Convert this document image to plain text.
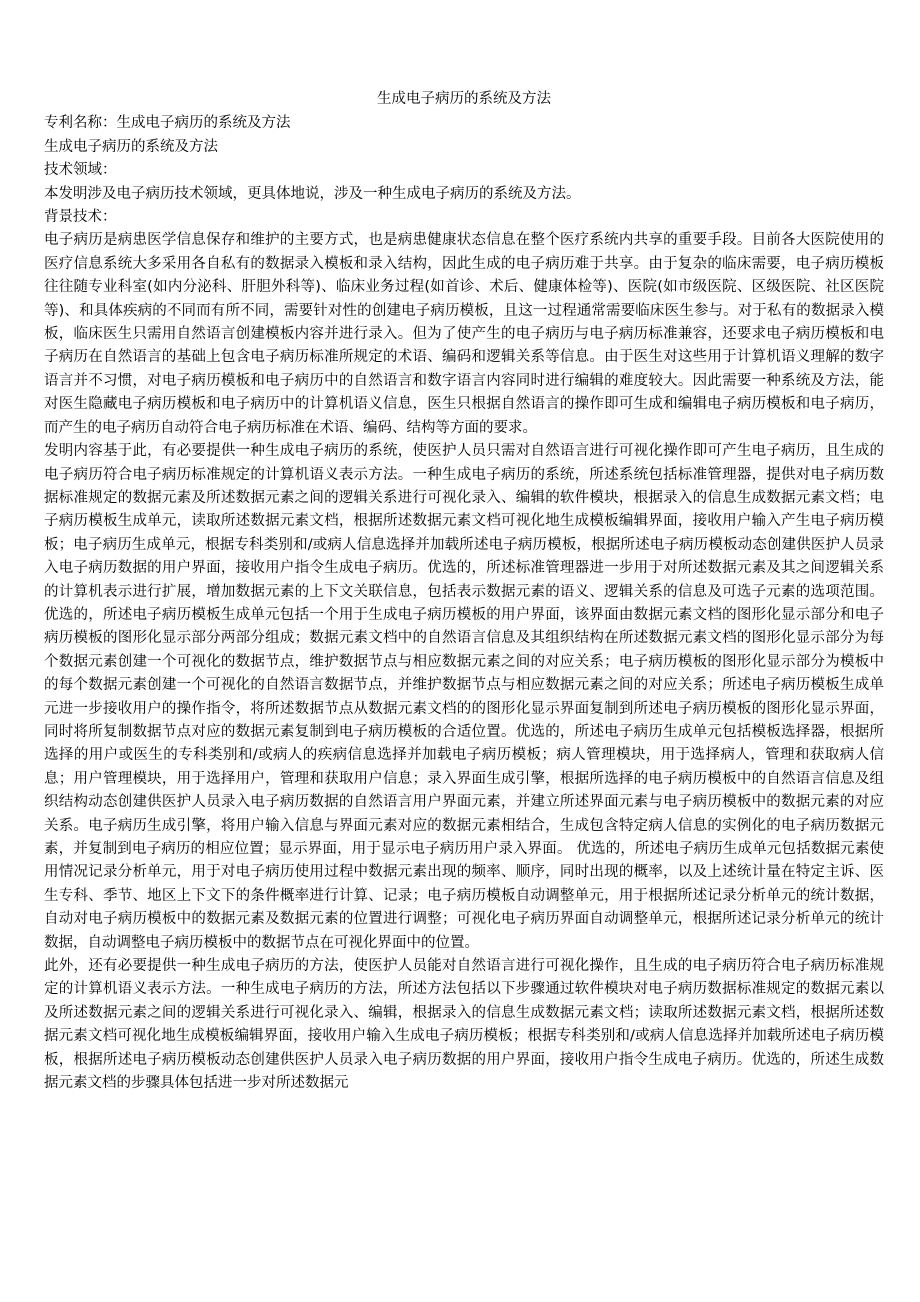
生成电子病历的系统及方法
专利名称：生成电子病历的系统及方法
生成电子病历的系统及方法
技术领域：
本发明涉及电子病历技术领域，更具体地说，涉及一种生成电子病历的系统及方法。
背景技术：
电子病历是病患医学信息保存和维护的主要方式，也是病患健康状态信息在整个医疗系统内共享的重要手段。目前各大医院使用的医疗信息系统大多采用各自私有的数据录入模板和录入结构，因此生成的电子病历难于共享。由于复杂的临床需要，电子病历模板往往随专业科室(如内分泌科、肝胆外科等)、临床业务过程(如首诊、术后、健康体检等)、医院(如市级医院、区级医院、社区医院 等)、和具体疾病的不同而有所不同，需要针对性的创建电子病历模板，且这一过程通常需要临床医生参与。对于私有的数据录入模板，临床医生只需用自然语言创建模板内容并进行录入。但为了使产生的电子病历与电子病历标准兼容，还要求电子病历模板和电子病历在自然语言的基础上包含电子病历标准所规定的术语、编码和逻辑关系等信息。由于医生对这些用于计算机语义理解的数字语言并不习惯，对电子病历模板和电子病历中的自然语言和数字语言内容同时进行编辑的难度较大。因此需要一种系统及方法，能对医生隐藏电子病历模板和电子病历中的计算机语义信息，医生只根据自然语言的操作即可生成和编辑电子病历模板和电子病历，而产生的电子病历自动符合电子病历标准在术语、编码、结构等方面的要求。
发明内容基于此，有必要提供一种生成电子病历的系统，使医护人员只需对自然语言进行可视化操作即可产生电子病历，且生成的电子病历符合电子病历标准规定的计算机语义表示方法。一种生成电子病历的系统，所述系统包括标准管理器，提供对电子病历数据标准规定的数据元素及所述数据元素之间的逻辑关系进行可视化录入、编辑的软件模块，根据录入的信息生成数据元素文档；电子病历模板生成单元，读取所述数据元素文档，根据所述数据元素文档可视化地生成模板编辑界面，接收用户输入产生电子病历模板；电子病历生成单元，根据专科类别和/或病人信息选择并加载所述电子病历模板，根据所述电子病历模板动态创建供医护人员录入电子病历数据的用户界面，接收用户指令生成电子病历。优选的，所述标准管理器进一步用于对所述数据元素及其之间逻辑关系的计算机表示进行扩展，增加数据元素的上下文关联信息，包括表示数据元素的语义、逻辑关系的信息及可选子元素的选项范围。优选的，所述电子病历模板生成单元包括一个用于生成电子病历模板的用户界面，该界面由数据元素文档的图形化显示部分和电子病历模板的图形化显示部分两部分组成；数据元素文档中的自然语言信息及其组织结构在所述数据元素文档的图形化显示部分为每个数据元素创建一个可视化的数据节点，维护数据节点与相应数据元素之间的对应关系；电子病历模板的图形化显示部分为模板中的每个数据元素创建一个可视化的自然语言数据节点，并维护数据节点与相应数据元素之间的对应关系；所述电子病历模板生成单元进一步接收用户的操作指令，将所述数据节点从数据元素文档的的图形化显示界面复制到所述电子病历模板的图形化显示界面，同时将所复制数据节点对应的数据元素复制到电子病历模板的合适位置。优选的，所述电子病历生成单元包括模板选择器，根据所选择的用户或医生的专科类别和/或病人的疾病信息选择并加载电子病历模板；病人管理模块，用于选择病人，管理和获取病人信息；用户管理模块，用于选择用户，管理和获取用户信息；录入界面生成引擎，根据所选择的电子病历模板中的自然语言信息及组织结构动态创建供医护人员录入电子病历数据的自然语言用户界面元素，并建立所述界面元素与电子病历模板中的数据元素的对应关系。电子病历生成引擎，将用户输入信息与界面元素对应的数据元素相结合，生成包含特定病人信息的实例化的电子病历数据元素，并复制到电子病历的相应位置；显示界面，用于显示电子病历用户录入界面。 优选的，所述电子病历生成单元包括数据元素使用情况记录分析单元，用于对电子病历使用过程中数据元素出现的频率、顺序，同时出现的概率，以及上述统计量在特定主诉、医生专科、季节、地区上下文下的条件概率进行计算、记录；电子病历模板自动调整单元，用于根据所述记录分析单元的统计数据，自动对电子病历模板中的数据元素及数据元素的位置进行调整；可视化电子病历界面自动调整单元，根据所述记录分析单元的统计数据，自动调整电子病历模板中的数据节点在可视化界面中的位置。
此外，还有必要提供一种生成电子病历的方法，使医护人员能对自然语言进行可视化操作，且生成的电子病历符合电子病历标准规定的计算机语义表示方法。一种生成电子病历的方法，所述方法包括以下步骤通过软件模块对电子病历数据标准规定的数据元素以及所述数据元素之间的逻辑关系进行可视化录入、编辑，根据录入的信息生成数据元素文档；读取所述数据元素文档，根据所述数据元素文档可视化地生成模板编辑界面，接收用户输入生成电子病历模板；根据专科类别和/或病人信息选择并加载所述电子病历模板，根据所述电子病历模板动态创建供医护人员录入电子病历数据的用户界面，接收用户指令生成电子病历。优选的，所述生成数据元素文档的步骤具体包括进一步对所述数据元
